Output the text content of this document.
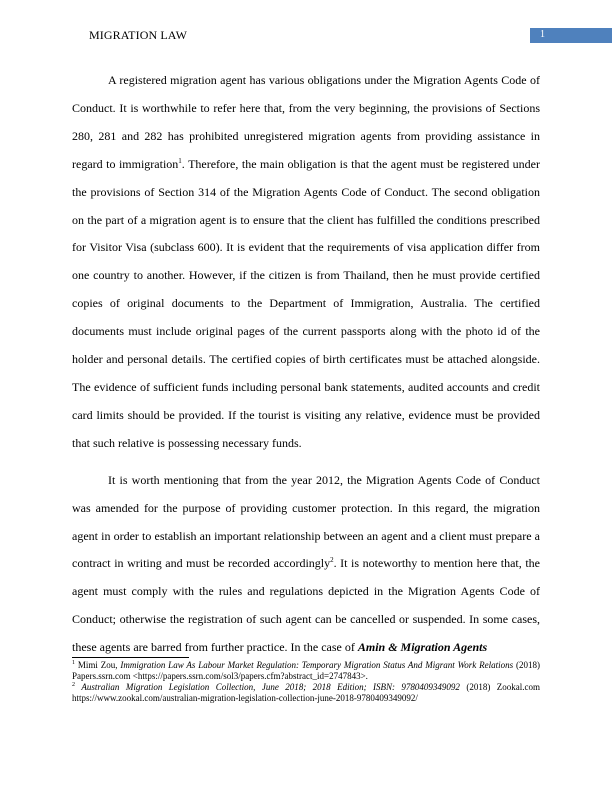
MIGRATION LAW	1

A registered migration agent has various obligations under the Migration Agents Code of Conduct. It is worthwhile to refer here that, from the very beginning, the provisions of Sections 280, 281 and 282 has prohibited unregistered migration agents from providing assistance in regard to immigration$^1$. Therefore, the main obligation is that the agent must be registered under the provisions of Section 314 of the Migration Agents Code of Conduct. The second obligation on the part of a migration agent is to ensure that the client has fulfilled the conditions prescribed for Visitor Visa (subclass 600). It is evident that the requirements of visa application differ from one country to another. However, if the citizen is from Thailand, then he must provide certified copies of original documents to the Department of Immigration, Australia. The certified documents must include original pages of the current passports along with the photo id of the holder and personal details. The certified copies of birth certificates must be attached alongside. The evidence of sufficient funds including personal bank statements, audited accounts and credit card limits should be provided. If the tourist is visiting any relative, evidence must be provided that such relative is possessing necessary funds.

It is worth mentioning that from the year 2012, the Migration Agents Code of Conduct was amended for the purpose of providing customer protection. In this regard, the migration agent in order to establish an important relationship between an agent and a client must prepare a contract in writing and must be recorded accordingly$^2$. It is noteworthy to mention here that, the agent must comply with the rules and regulations depicted in the Migration Agents Code of Conduct; otherwise the registration of such agent can be cancelled or suspended. In some cases, these agents are barred from further practice. In the case of Amin & Migration Agents

$^1$ Mimi Zou, Immigration Law As Labour Market Regulation: Temporary Migration Status And Migrant Work Relations (2018) Papers.ssrn.com <https://papers.ssrn.com/sol3/papers.cfm?abstract_id=2747843>.

$^2$ Australian Migration Legislation Collection, June 2018; 2018 Edition; ISBN: 9780409349092 (2018) Zookal.com https://www.zookal.com/australian-migration-legislation-collection-june-2018-9780409349092/
